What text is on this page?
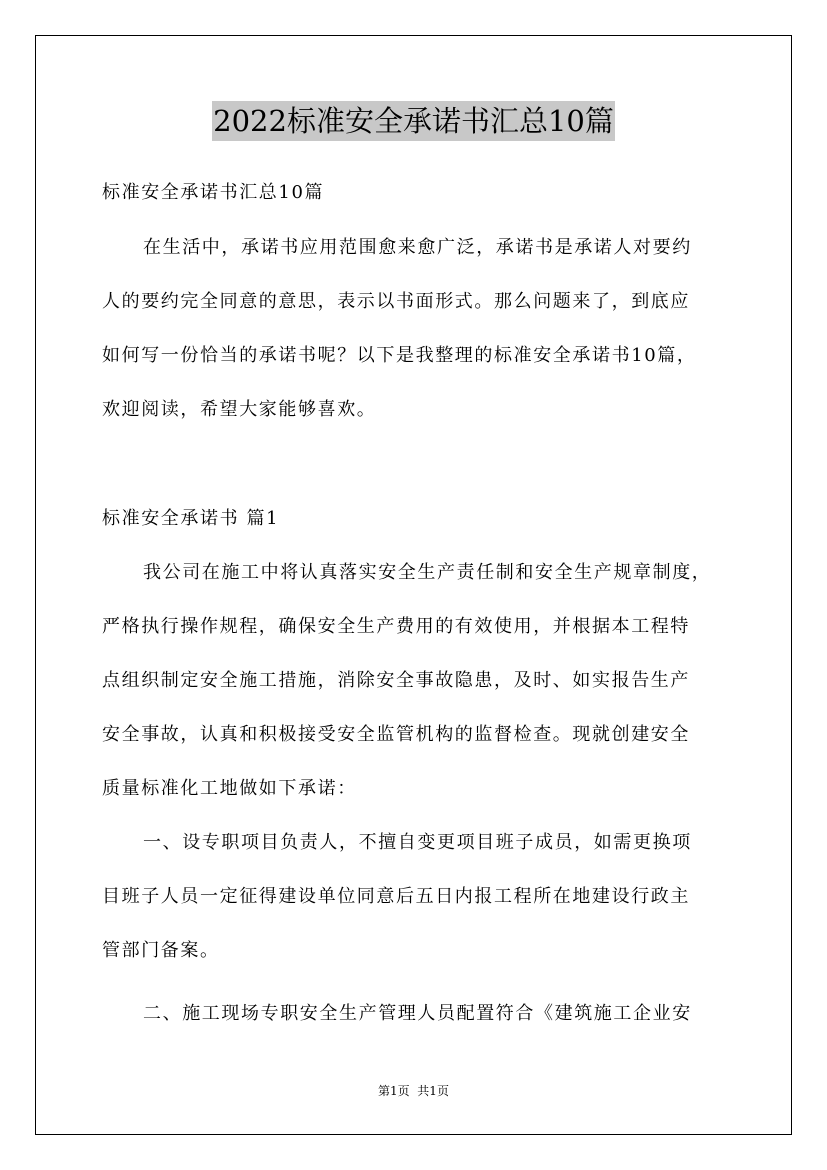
2022标准安全承诺书汇总10篇
标准安全承诺书汇总10篇
在生活中，承诺书应用范围愈来愈广泛，承诺书是承诺人对要约
人的要约完全同意的意思，表示以书面形式。那么问题来了，到底应
如何写一份恰当的承诺书呢？以下是我整理的标准安全承诺书10篇，
欢迎阅读，希望大家能够喜欢。
标准安全承诺书 篇1
我公司在施工中将认真落实安全生产责任制和安全生产规章制度，
严格执行操作规程，确保安全生产费用的有效使用，并根据本工程特
点组织制定安全施工措施，消除安全事故隐患，及时、如实报告生产
安全事故，认真和积极接受安全监管机构的监督检查。现就创建安全
质量标准化工地做如下承诺：
一、设专职项目负责人，不擅自变更项目班子成员，如需更换项
目班子人员一定征得建设单位同意后五日内报工程所在地建设行政主
管部门备案。
二、施工现场专职安全生产管理人员配置符合《建筑施工企业安
第1页  共1页
